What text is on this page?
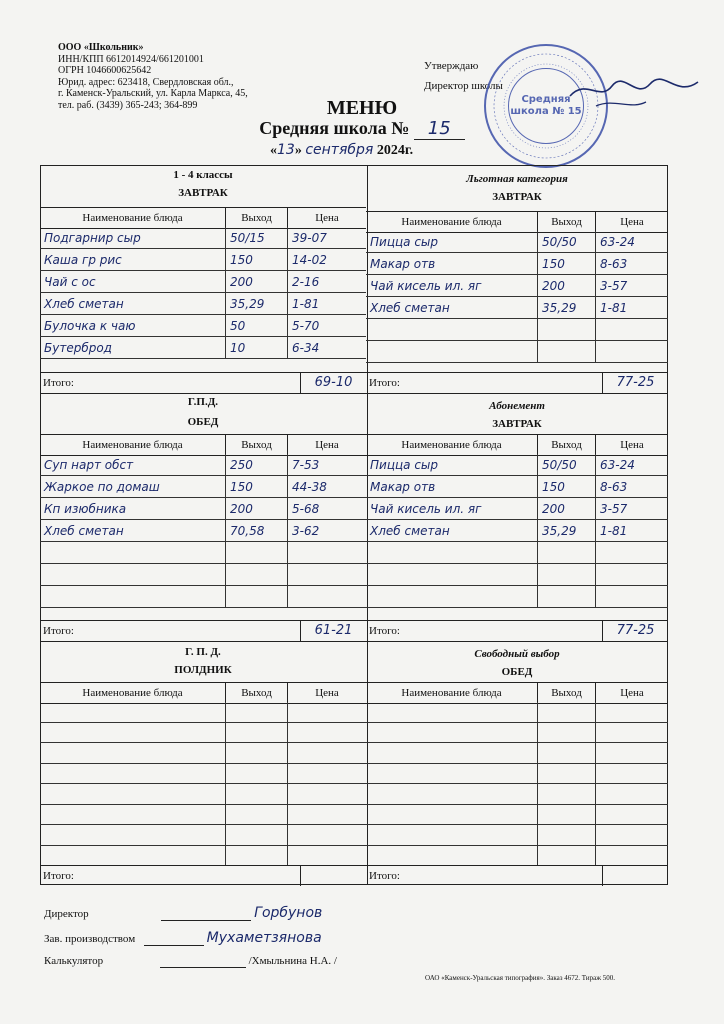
ООО «Школьник»
ИНН/КПП 6612014924/661201001
ОГРН 1046600625642
Юрид. адрес: 623418, Свердловская обл.,
г. Каменск-Уральский, ул. Карла Маркса, 45,
тел. раб. (3439) 365-243; 364-899
Утверждаю
Директор школы
Средняя школа № 15
МЕНЮ
Средняя школа № 15
«13» сентября 2024г.
1 - 4 классы
ЗАВТРАК
Наименование блюда	Выход	Цена
Подгарнир сыр	50/15	39-07
Каша гр рис	150	14-02
Чай с ос	200	2-16
Хлеб сметан	35,29	1-81
Булочка к чаю	50	5-70
Бутерброд	10	6-34
Итого:	69-10
Льготная категория
ЗАВТРАК
Наименование блюда	Выход	Цена
Пицца сыр	50/50	63-24
Макар отв	150	8-63
Чай кисель ил. яг	200	3-57
Хлеб сметан	35,29	1-81
Итого:	77-25
Г.П.Д.
ОБЕД
Наименование блюда	Выход	Цена
Суп нарт обст	250	7-53
Жаркое по домаш	150	44-38
Кп изюбника	200	5-68
Хлеб сметан	70,58	3-62
Итого:	61-21
Абонемент
ЗАВТРАК
Наименование блюда	Выход	Цена
Пицца сыр	50/50	63-24
Макар отв	150	8-63
Чай кисель ил. яг	200	3-57
Хлеб сметан	35,29	1-81
Итого:	77-25
Г. П. Д.
ПОЛДНИК
Наименование блюда	Выход	Цена
Итого:
Свободный выбор
ОБЕД
Наименование блюда	Выход	Цена
Итого:
Директор	Горбунов
Зав. производством	Мухаметзянова
Калькулятор	/Хмыльнина Н.А. /
ОАО «Каменск-Уральская типография». Заказ 4672. Тираж 500.
